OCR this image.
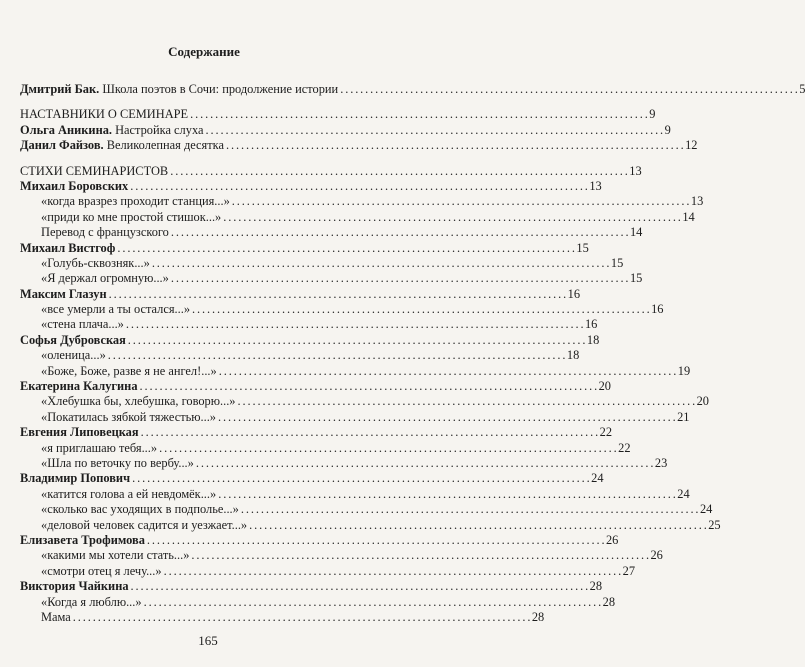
Содержание
Дмитрий Бак. Школа поэтов в Сочи: продолжение истории . . .	5
НАСТАВНИКИ О СЕМИНАРЕ . . .	9
Ольга Аникина. Настройка слуха . . .	9
Данил Файзов. Великолепная десятка . . .	12
СТИХИ СЕМИНАРИСТОВ . . .	13
Михаил Боровских . . .	13
«когда вразрез проходит станция...» . . .	13
«приди ко мне простой стишок...» . . .	14
Перевод с французского . . .	14
Михаил Вистгоф . . .	15
«Голубь-сквозняк...» . . .	15
«Я держал огромную...» . . .	15
Максим Глазун . . .	16
«все умерли а ты остался...» . . .	16
«стена плача...» . . .	16
Софья Дубровская . . .	18
«оленица...» . . .	18
«Боже, Боже, разве я не ангел!...» . . .	19
Екатерина Калугина . . .	20
«Хлебушка бы, хлебушка, говорю...» . . .	20
«Покатилась зябкой тяжестью...» . . .	21
Евгения Липовецкая . . .	22
«я приглашаю тебя...» . . .	22
«Шла по веточку по вербу...» . . .	23
Владимир Попович . . .	24
«катится голова а ей невдомёк...» . . .	24
«сколько вас уходящих в подполье...» . . .	24
«деловой человек садится и уезжает...» . . .	25
Елизавета Трофимова . . .	26
«какими мы хотели стать...» . . .	26
«смотри отец я лечу...» . . .	27
Виктория Чайкина . . .	28
«Когда я люблю...» . . .	28
Мама . . .	28
165
